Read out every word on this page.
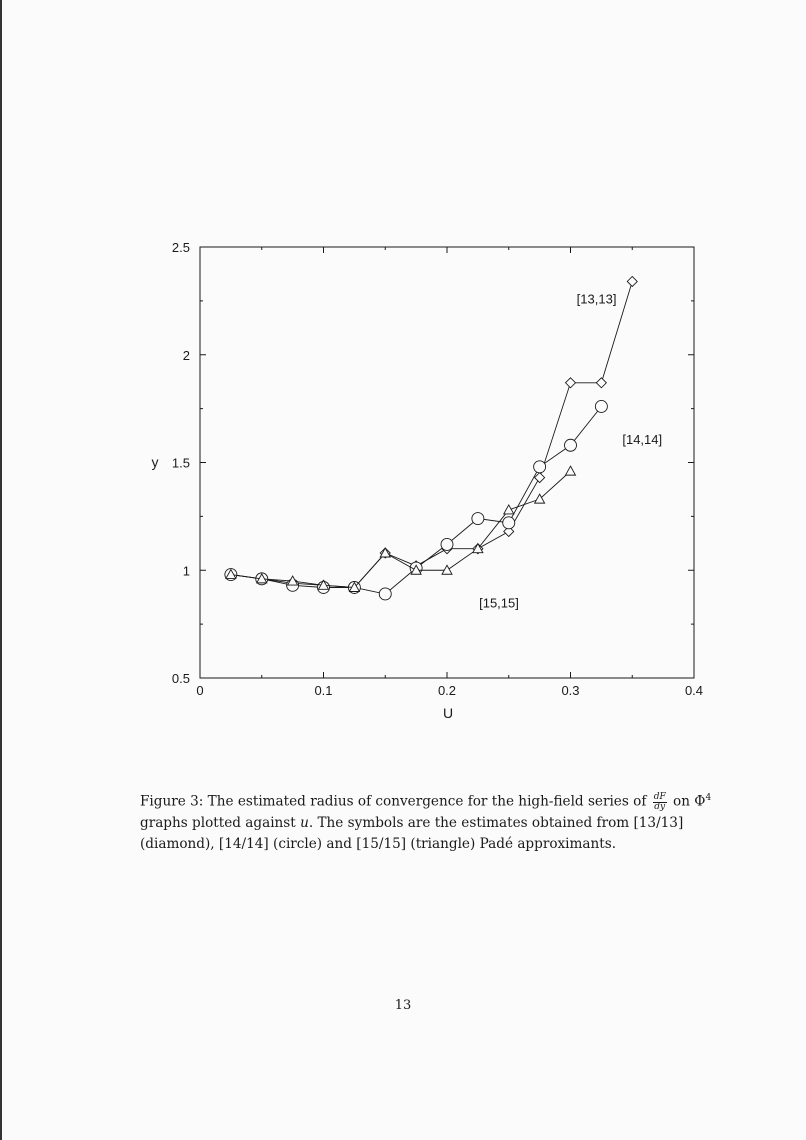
0	0.1	0.2	0.3	0.4
0.5
1
1.5
2
2.5
U
y
[13,13]
[14,14]
[15,15]
Figure 3: The estimated radius of convergence for the high-field series of $\frac{dF}{dy}$ on $\Phi^4$ graphs plotted against u. The symbols are the estimates obtained from [13/13] (diamond), [14/14] (circle) and [15/15] (triangle) Padé approximants.
13
